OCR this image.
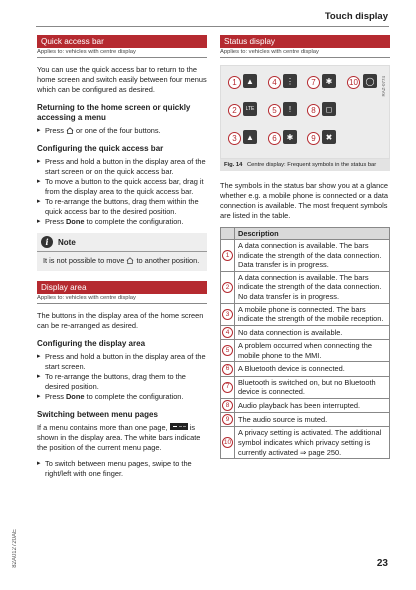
Touch display
Quick access bar
Applies to: vehicles with centre display

You can use the quick access bar to return to the home screen and switch easily between four menus which can be configured as desired.

Returning to the home screen or quickly accessing a menu
▸ Press or one of the four buttons.
Configuring the quick access bar
▸ Press and hold a button in the display area of the start screen or on the quick access bar.
▸ To move a button to the quick access bar, drag it from the display area to the quick access bar.
▸ To re-arrange the buttons, drag them within the quick access bar to the desired position.
▸ Press Done to complete the configuration.
i	Note
It is not possible to move to another position.
Display area
Applies to: vehicles with centre display

The buttons in the display area of the home screen can be re-arranged as desired.

Configuring the display area
▸ Press and hold a button in the display area of the start screen.
▸ To re-arrange the buttons, drag them to the desired position.
▸ Press Done to complete the configuration.
Switching between menu pages

If a menu contains more than one page,	is shown in the display area. The white bars indicate the position of the current menu page.

▸ To switch between menu pages, swipe to the right/left with one finger.
Status display
Applies to: vehicles with centre display
RAZ-0774
1	▲	4	⋮	7	✱	10 ◯
2	LTE	5	!	8	◻
3	▲	6	✱	9	✖
Fig. 14 Centre display: Frequent symbols in the status bar

The symbols in the status bar show you at a glance whether e.g. a mobile phone is connected or a data connection is available. The most frequent symbols are listed in the table.

	Description
1	A data connection is available. The bars indicate the strength of the data connection. Data transfer is in progress.
2	A data connection is available. The bars indicate the strength of the data connection. No data transfer is in progress.
3	A mobile phone is connected. The bars indicate the strength of the mobile reception.
4	No data connection is available.
5	A problem occurred when connecting the mobile phone to the MMI.
6	A Bluetooth device is connected.
7	Bluetooth is switched on, but no Bluetooth device is connected.
8	Audio playback has been interrupted.
9	The audio source is muted.
10	A privacy setting is activated. The additional symbol indicates which privacy setting is currently activated ⇒ page 250.
82A012720AE	23
